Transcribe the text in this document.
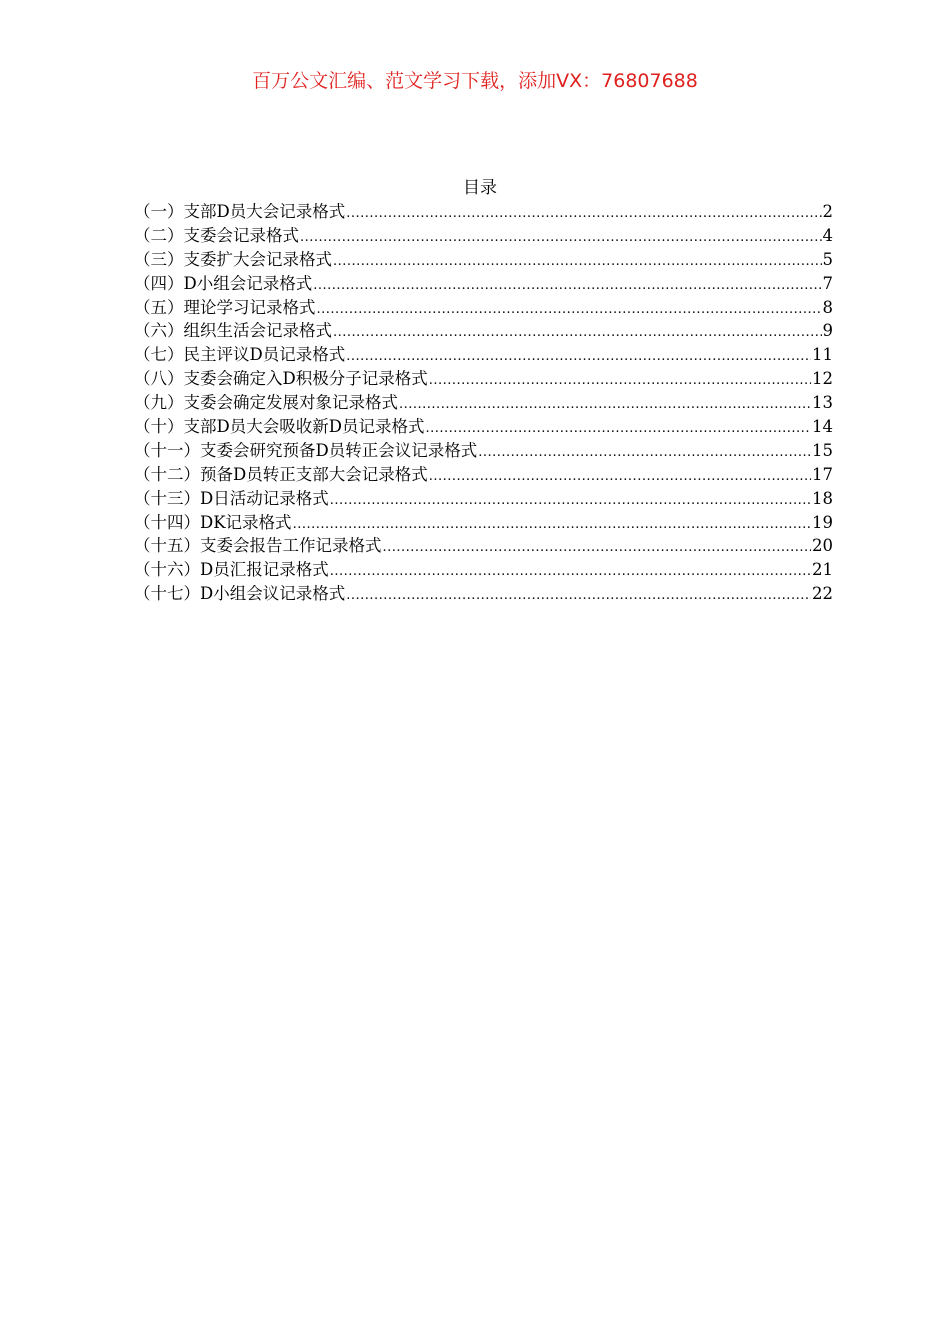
百万公文汇编、范文学习下载，添加VX：76807688
目录
（一）支部D员大会记录格式 .....	2
（二）支委会记录格式 .....	4
（三）支委扩大会记录格式 .....	5
（四）D小组会记录格式 .....	7
（五）理论学习记录格式 .....	8
（六）组织生活会记录格式 .....	9
（七）民主评议D员记录格式 .....	11
（八）支委会确定入D积极分子记录格式 .....	12
（九）支委会确定发展对象记录格式 .....	13
（十）支部D员大会吸收新D员记录格式 .....	14
（十一）支委会研究预备D员转正会议记录格式 .....	15
（十二）预备D员转正支部大会记录格式 .....	17
（十三）D日活动记录格式 .....	18
（十四）DK记录格式 .....	19
（十五）支委会报告工作记录格式 .....	20
（十六）D员汇报记录格式 .....	21
（十七）D小组会议记录格式 .....	22
